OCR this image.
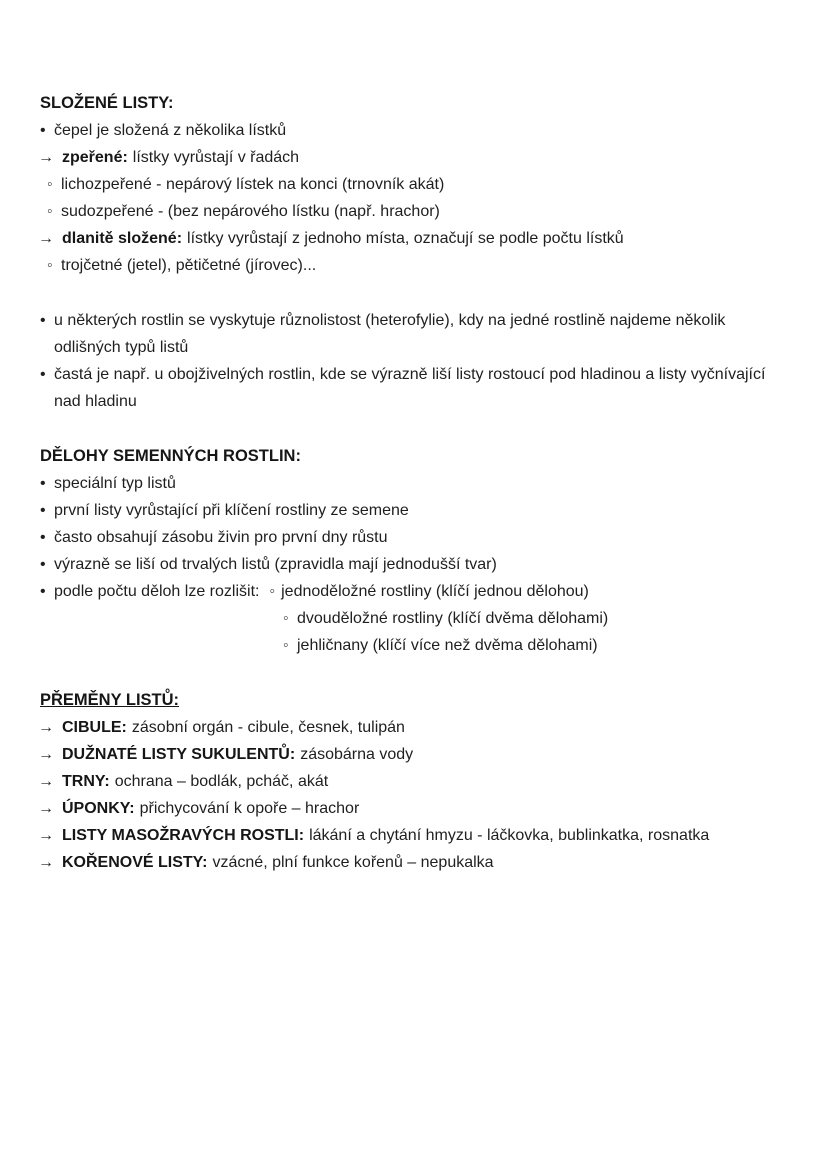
SLOŽENÉ LISTY:
• čepel je složená z několika lístků
→ zpeřené: lístky vyrůstají v řadách
◦ lichozpeřené - nepárový lístek na konci (trnovník akát)
◦ sudozpeřené - (bez nepárového lístku (např. hrachor)
→ dlanitě složené: lístky vyrůstají z jednoho místa, označují se podle počtu lístků
◦ trojčetné (jetel), pětičetné (jírovec)...
• u některých rostlin se vyskytuje různolistost (heterofylie), kdy na jedné rostlině najdeme několik odlišných typů listů
• častá je např. u obojživelných rostlin, kde se výrazně liší listy rostoucí pod hladinou a listy vyčnívající nad hladinu
DĚLOHY SEMENNÝCH ROSTLIN:
• speciální typ listů
• první listy vyrůstající při klíčení rostliny ze semene
• často obsahují zásobu živin pro první dny růstu
• výrazně se liší od trvalých listů (zpravidla mají jednodušší tvar)
• podle počtu děloh lze rozlišit: ◦ jednoděložné rostliny (klíčí jednou dělohou)
◦ dvouděložné rostliny (klíčí dvěma dělohami)
◦ jehličnany (klíčí více než dvěma dělohami)
PŘEMĚNY LISTŮ:
→ CIBULE: zásobní orgán - cibule, česnek, tulipán
→ DUŽNATÉ LISTY SUKULENTŮ: zásobárna vody
→ TRNY: ochrana – bodlák, pcháč, akát
→ ÚPONKY: přichycování k opoře – hrachor
→ LISTY MASOŽRAVÝCH ROSTLI: lákání a chytání hmyzu - láčkovka, bublinkatka, rosnatka
→ KOŘENOVÉ LISTY: vzácné, plní funkce kořenů – nepukalka
